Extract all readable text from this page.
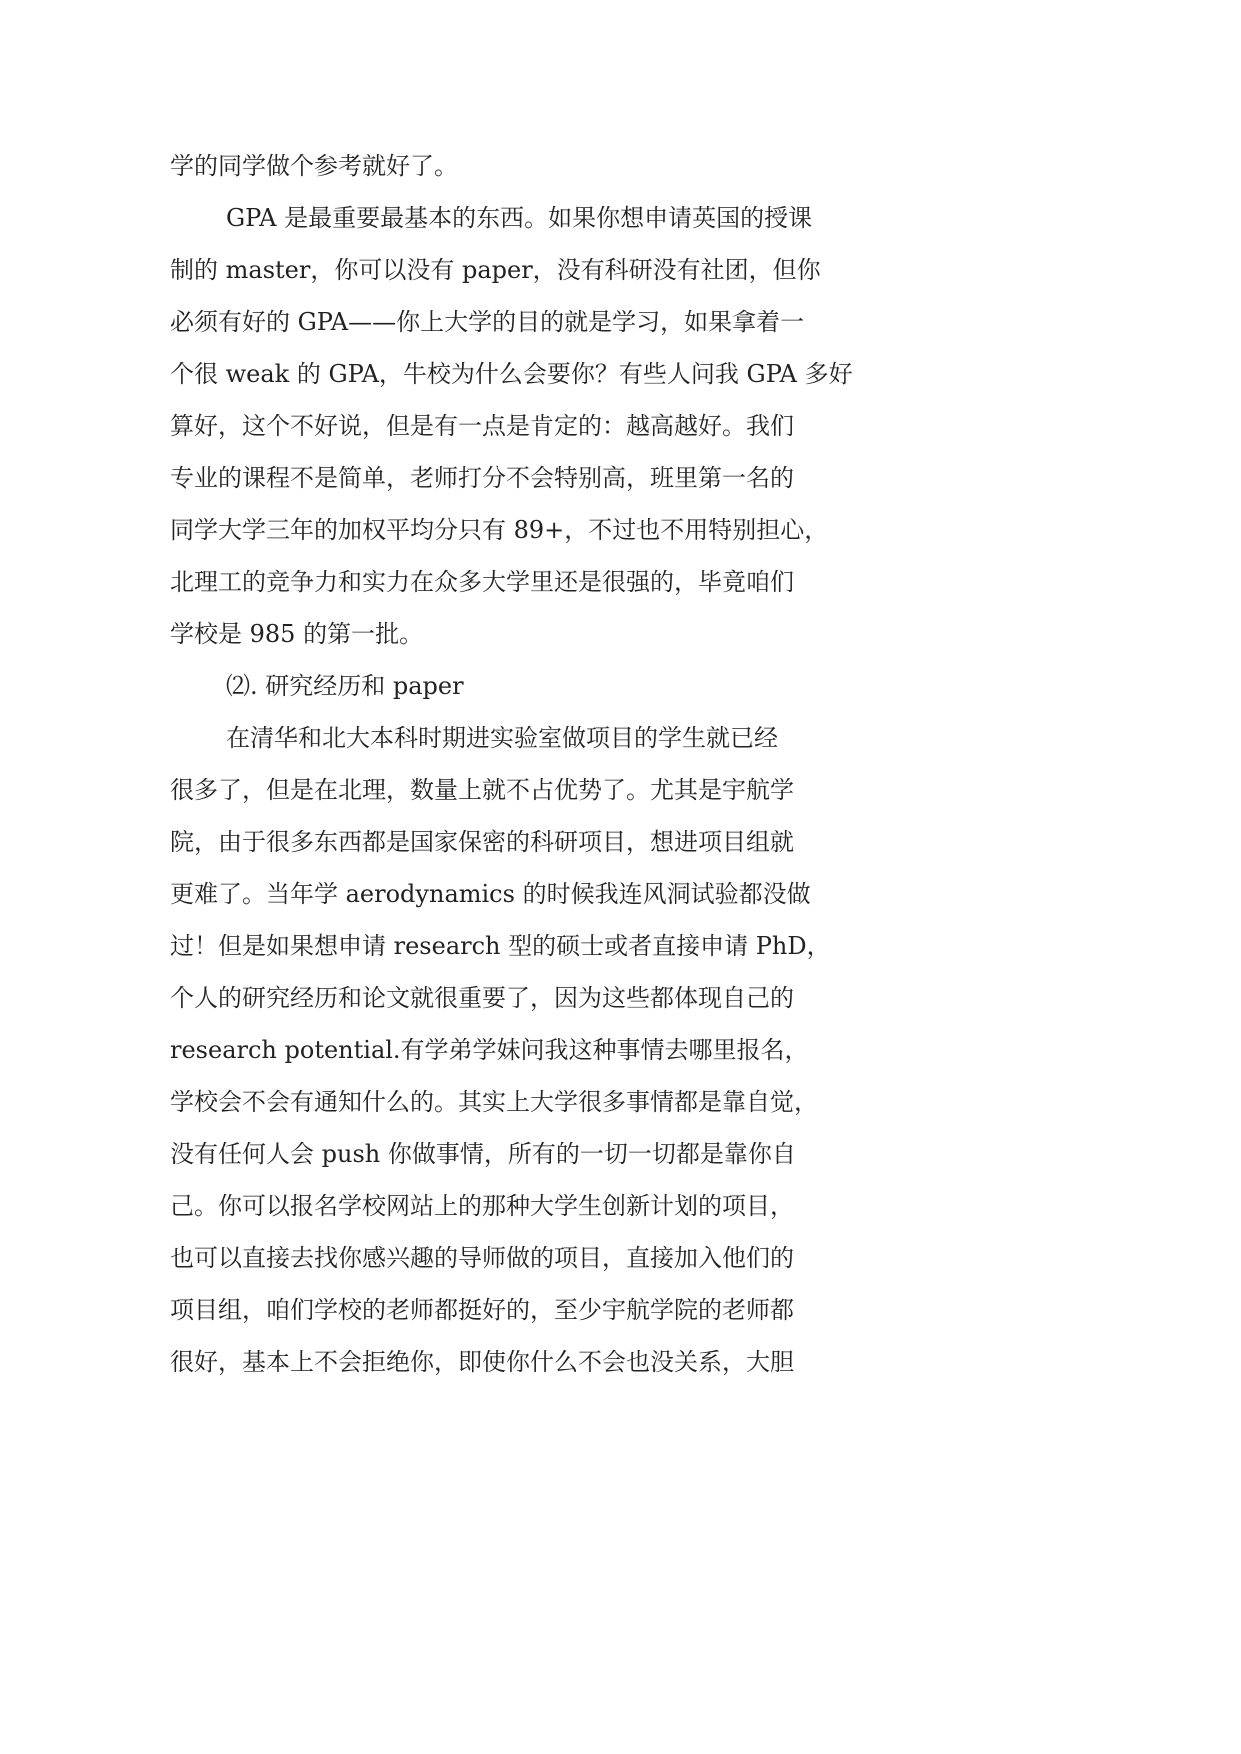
学的同学做个参考就好了。
GPA 是最重要最基本的东西。如果你想申请英国的授课
制的 master，你可以没有 paper，没有科研没有社团，但你
必须有好的 GPA——你上大学的目的就是学习，如果拿着一
个很 weak 的 GPA，牛校为什么会要你？有些人问我 GPA 多好
算好，这个不好说，但是有一点是肯定的：越高越好。我们
专业的课程不是简单，老师打分不会特别高，班里第一名的
同学大学三年的加权平均分只有 89+，不过也不用特别担心，
北理工的竞争力和实力在众多大学里还是很强的，毕竟咱们
学校是 985 的第一批。
⑵. 研究经历和 paper
在清华和北大本科时期进实验室做项目的学生就已经
很多了，但是在北理，数量上就不占优势了。尤其是宇航学
院，由于很多东西都是国家保密的科研项目，想进项目组就
更难了。当年学 aerodynamics 的时候我连风洞试验都没做
过！但是如果想申请 research 型的硕士或者直接申请 PhD，
个人的研究经历和论文就很重要了，因为这些都体现自己的
research potential.有学弟学妹问我这种事情去哪里报名，
学校会不会有通知什么的。其实上大学很多事情都是靠自觉，
没有任何人会 push 你做事情，所有的一切一切都是靠你自
己。你可以报名学校网站上的那种大学生创新计划的项目，
也可以直接去找你感兴趣的导师做的项目，直接加入他们的
项目组，咱们学校的老师都挺好的，至少宇航学院的老师都
很好，基本上不会拒绝你，即使你什么不会也没关系，大胆
